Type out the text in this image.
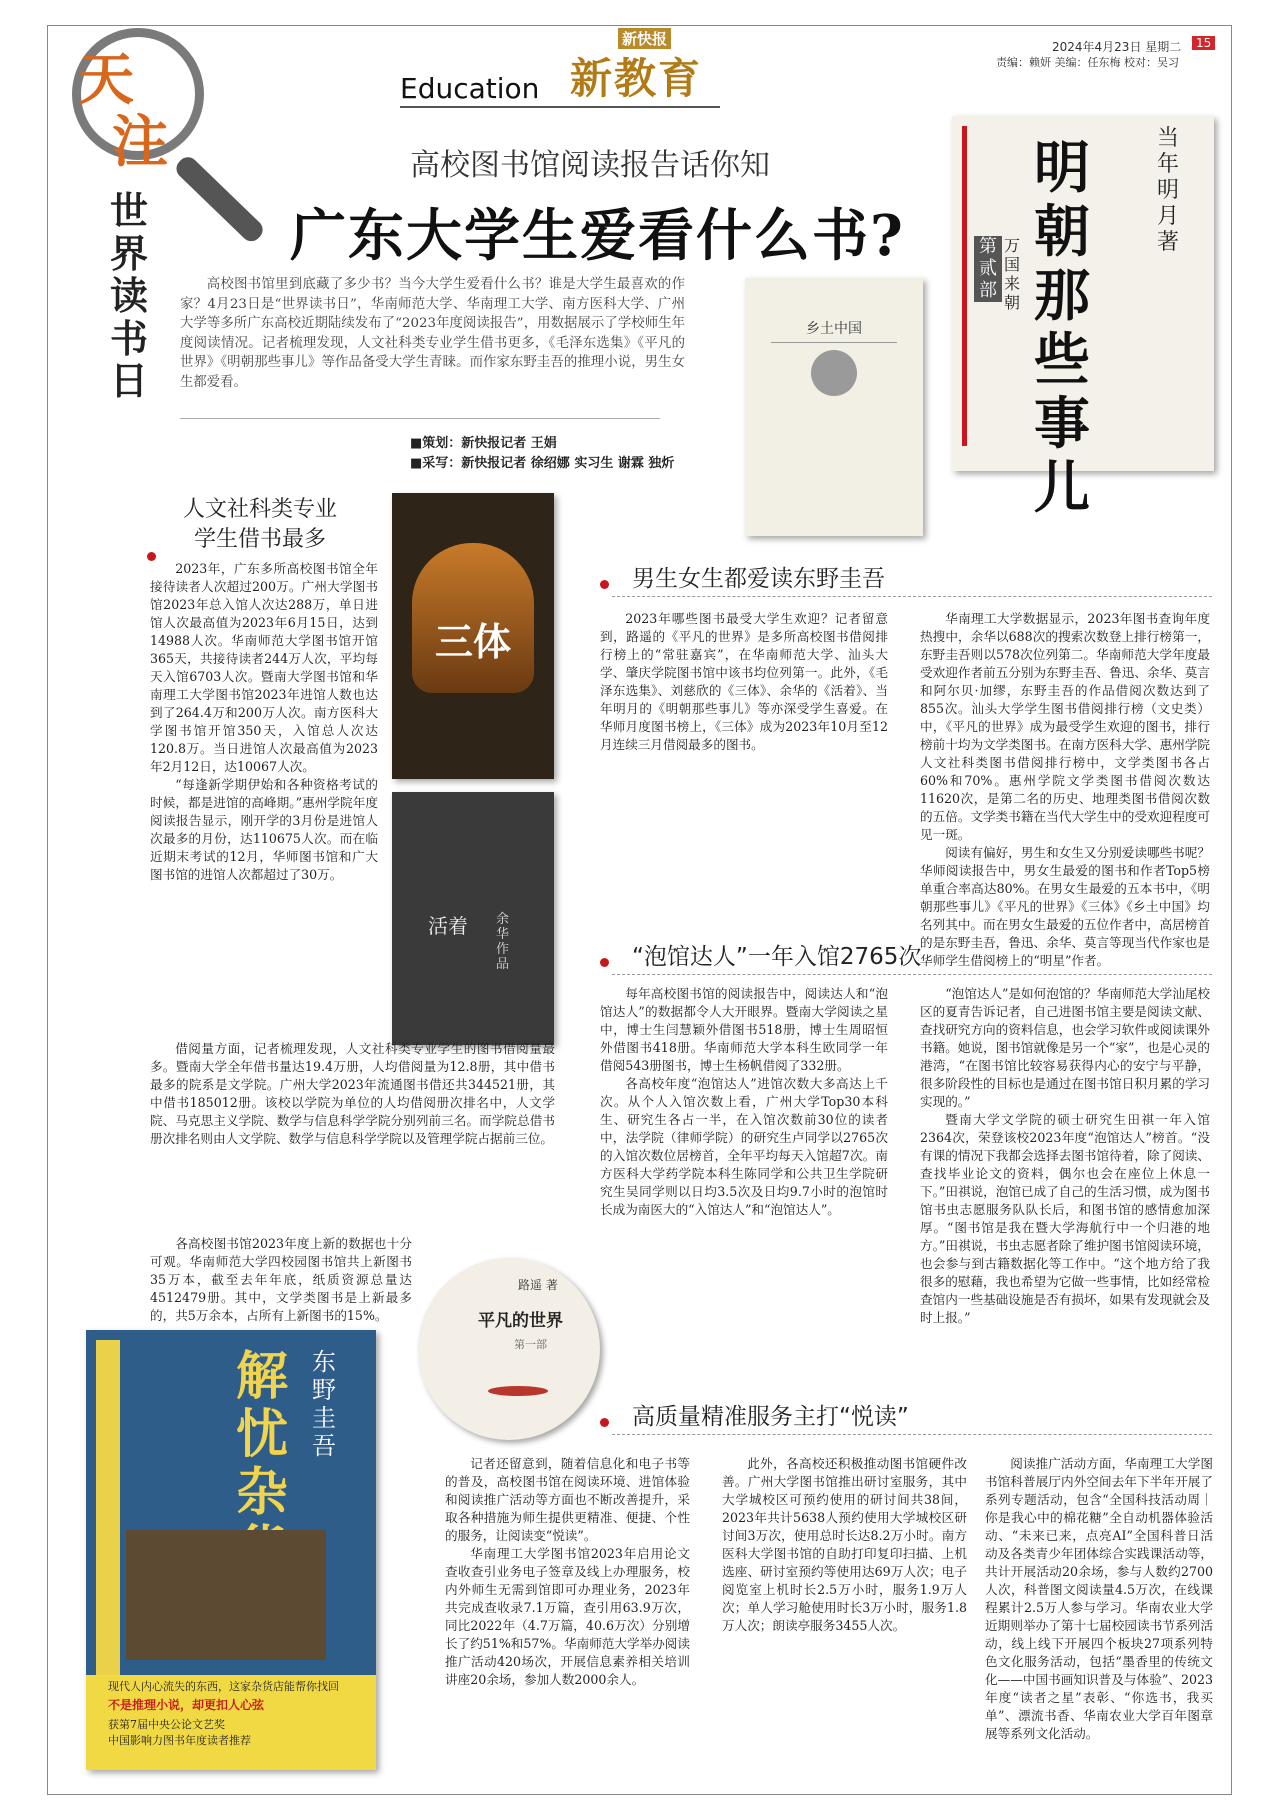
天
注
世界读书日
Education
新快报
新教育
2024年4月23日 星期二	15
责编：赖妍 美编：任东梅 校对：吴习
高校图书馆阅读报告话你知
广东大学生爱看什么书?
高校图书馆里到底藏了多少书？当今大学生爱看什么书？谁是大学生最喜欢的作家？4月23日是“世界读书日”，华南师范大学、华南理工大学、南方医科大学、广州大学等多所广东高校近期陆续发布了“2023年度阅读报告”，用数据展示了学校师生年度阅读情况。记者梳理发现，人文社科类专业学生借书更多，《毛泽东选集》《平凡的世界》《明朝那些事儿》等作品备受大学生青睐。而作家东野圭吾的推理小说，男生女生都爱看。
■策划：新快报记者 王娟
■采写：新快报记者 徐绍娜 实习生 谢霖 独炘
明朝那些事儿
当年明月 著
第贰部
万国来朝
乡土中国
三体
活着 余华作品
解忧杂
东野圭吾
现代人内心流失的东西，这家杂货店能帮你找回
不是推理小说，却更扣人心弦
获第7届中央公论文艺奖
中国影响力图书年度读者推荐
路遥 著
平凡的世界
第一部
人文社科类专业
学生借书最多

2023年，广东多所高校图书馆全年接待读者人次超过200万。广州大学图书馆2023年总入馆人次达288万，单日进馆人次最高值为2023年6月15日，达到14988人次。华南师范大学图书馆开馆365天，共接待读者244万人次，平均每天入馆6703人次。暨南大学图书馆和华南理工大学图书馆2023年进馆人数也达到了264.4万和200万人次。南方医科大学图书馆开馆350天，入馆总人次达120.8万。当日进馆人次最高值为2023年2月12日，达10067人次。

“每逢新学期伊始和各种资格考试的时候，都是进馆的高峰期。”惠州学院年度阅读报告显示，刚开学的3月份是进馆人次最多的月份，达110675人次。而在临近期末考试的12月，华师图书馆和广大图书馆的进馆人次都超过了30万。

借阅量方面，记者梳理发现，人文社科类专业学生的图书借阅量最多。暨南大学全年借书量达19.4万册，人均借阅量为12.8册，其中借书最多的院系是文学院。广州大学2023年流通图书借还共344521册，其中借书185012册。该校以学院为单位的人均借阅册次排名中，人文学院、马克思主义学院、数学与信息科学学院分别列前三名。而学院总借书册次排名则由人文学院、数学与信息科学学院以及管理学院占据前三位。

各高校图书馆2023年度上新的数据也十分可观。华南师范大学四校园图书馆共上新图书35万本，截至去年年底，纸质资源总量达4512479册。其中，文学类图书是上新最多的，共5万余本，占所有上新图书的15%。

男生女生都爱读东野圭吾

2023年哪些图书最受大学生欢迎？记者留意到，路遥的《平凡的世界》是多所高校图书借阅排行榜上的“常驻嘉宾”，在华南师范大学、汕头大学、肇庆学院图书馆中该书均位列第一。此外，《毛泽东选集》、刘慈欣的《三体》、余华的《活着》、当年明月的《明朝那些事儿》等亦深受学生喜爱。在华师月度图书榜上，《三体》成为2023年10月至12月连续三月借阅最多的图书。

华南理工大学数据显示，2023年图书查询年度热搜中，余华以688次的搜索次数登上排行榜第一，东野圭吾则以578次位列第二。华南师范大学年度最受欢迎作者前五分别为东野圭吾、鲁迅、余华、莫言和阿尔贝·加缪，东野圭吾的作品借阅次数达到了855次。汕头大学学生图书借阅排行榜（文史类）中，《平凡的世界》成为最受学生欢迎的图书，排行榜前十均为文学类图书。在南方医科大学、惠州学院人文社科类图书借阅排行榜中，文学类图书各占60%和70%。惠州学院文学类图书借阅次数达11620次，是第二名的历史、地理类图书借阅次数的五倍。文学类书籍在当代大学生中的受欢迎程度可见一斑。

阅读有偏好，男生和女生又分别爱读哪些书呢？华师阅读报告中，男女生最爱的图书和作者Top5榜单重合率高达80%。在男女生最爱的五本书中，《明朝那些事儿》《平凡的世界》《三体》《乡土中国》均名列其中。而在男女生最爱的五位作者中，高居榜首的是东野圭吾，鲁迅、余华、莫言等现当代作家也是华师学生借阅榜上的“明星”作者。

“泡馆达人”一年入馆2765次

每年高校图书馆的阅读报告中，阅读达人和“泡馆达人”的数据都令人大开眼界。暨南大学阅读之星中，博士生闫慧颖外借图书518册，博士生周昭恒外借图书418册。华南师范大学本科生欧同学一年借阅543册图书，博士生杨帆借阅了332册。

各高校年度“泡馆达人”进馆次数大多高达上千次。从个人入馆次数上看，广州大学Top30本科生、研究生各占一半，在入馆次数前30位的读者中，法学院（律师学院）的研究生卢同学以2765次的入馆次数位居榜首，全年平均每天入馆超7次。南方医科大学药学院本科生陈同学和公共卫生学院研究生吴同学则以日均3.5次及日均9.7小时的泡馆时长成为南医大的“入馆达人”和“泡馆达人”。

“泡馆达人”是如何泡馆的？华南师范大学汕尾校区的夏青告诉记者，自己进图书馆主要是阅读文献、查找研究方向的资料信息，也会学习软件或阅读课外书籍。她说，图书馆就像是另一个“家”，也是心灵的港湾，“在图书馆比较容易获得内心的安宁与平静，很多阶段性的目标也是通过在图书馆日积月累的学习实现的。”

暨南大学文学院的硕士研究生田祺一年入馆2364次，荣登该校2023年度“泡馆达人”榜首。“没有课的情况下我都会选择去图书馆待着，除了阅读、查找毕业论文的资料，偶尔也会在座位上休息一下。”田祺说，泡馆已成了自己的生活习惯，成为图书馆书虫志愿服务队队长后，和图书馆的感情愈加深厚。“图书馆是我在暨大学海航行中一个归港的地方。”田祺说，书虫志愿者除了维护图书馆阅读环境，也会参与到古籍数据化等工作中。“这个地方给了我很多的慰藉，我也希望为它做一些事情，比如经常检查馆内一些基础设施是否有损坏，如果有发现就会及时上报。”

高质量精准服务主打“悦读”

记者还留意到，随着信息化和电子书等的普及，高校图书馆在阅读环境、进馆体验和阅读推广活动等方面也不断改善提升，采取各种措施为师生提供更精准、便捷、个性的服务，让阅读变“悦读”。

华南理工大学图书馆2023年启用论文查收查引业务电子签章及线上办理服务，校内外师生无需到馆即可办理业务，2023年共完成查收录7.1万篇，查引用63.9万次，同比2022年（4.7万篇，40.6万次）分别增长了约51%和57%。华南师范大学举办阅读推广活动420场次，开展信息素养相关培训讲座20余场，参加人数2000余人。

此外，各高校还积极推动图书馆硬件改善。广州大学图书馆推出研讨室服务，其中大学城校区可预约使用的研讨间共38间，2023年共计5638人预约使用大学城校区研讨间3万次，使用总时长达8.2万小时。南方医科大学图书馆的自助打印复印扫描、上机选座、研讨室预约等使用达69万人次；电子阅览室上机时长2.5万小时，服务1.9万人次；单人学习舱使用时长3万小时，服务1.8万人次；朗读亭服务3455人次。

阅读推广活动方面，华南理工大学图书馆科普展厅内外空间去年下半年开展了系列专题活动，包含“全国科技活动周｜你是我心中的棉花糖”全自动机器体验活动、“未来已来，点亮AI”全国科普日活动及各类青少年团体综合实践课活动等，共计开展活动20余场，参与人数约2700人次，科普图文阅读量4.5万次，在线课程累计2.5万人参与学习。华南农业大学近期则举办了第十七届校园读书节系列活动，线上线下开展四个板块27项系列特色文化服务活动，包括“墨香里的传统文化——中国书画知识普及与体验”、2023年度“读者之星”表彰、“你选书，我买单”、漂流书香、华南农业大学百年图章展等系列文化活动。
